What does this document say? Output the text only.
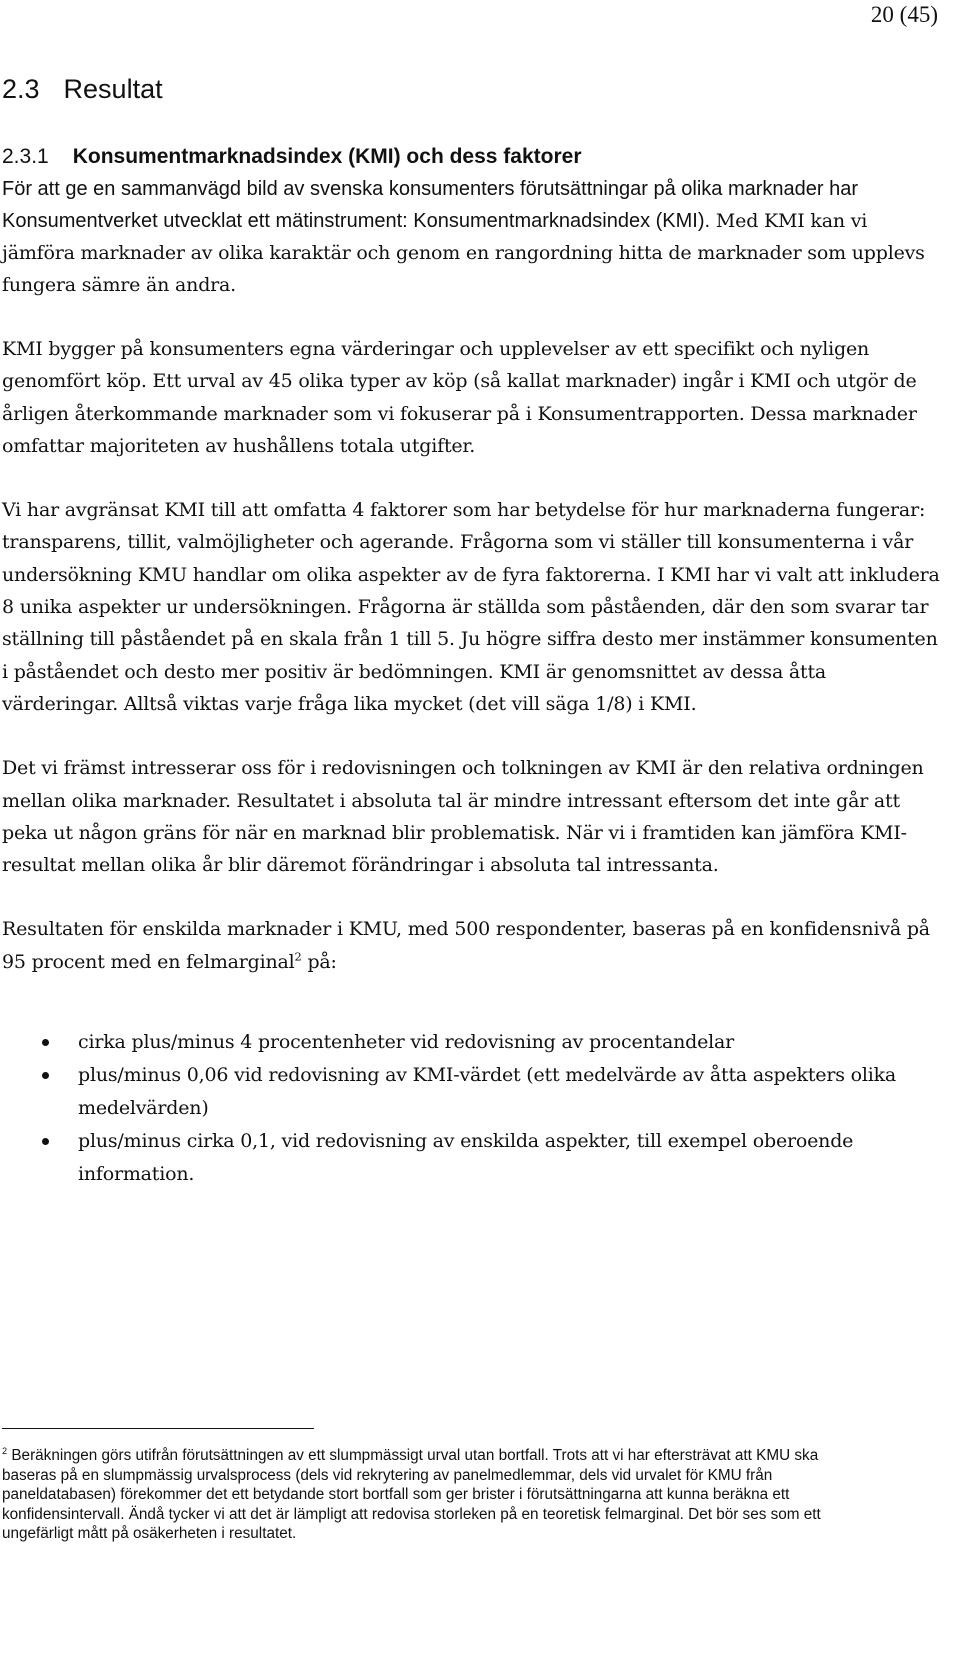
20 (45)
2.3 Resultat
2.3.1 Konsumentmarknadsindex (KMI) och dess faktorer

För att ge en sammanvägd bild av svenska konsumenters förutsättningar på olika marknader har Konsumentverket utvecklat ett mätinstrument: Konsumentmarknadsindex (KMI). Med KMI kan vi jämföra marknader av olika karaktär och genom en rangordning hitta de marknader som upplevs fungera sämre än andra.

KMI bygger på konsumenters egna värderingar och upplevelser av ett specifikt och nyligen genomfört köp. Ett urval av 45 olika typer av köp (så kallat marknader) ingår i KMI och utgör de årligen återkommande marknader som vi fokuserar på i Konsumentrapporten. Dessa marknader omfattar majoriteten av hushållens totala utgifter.

Vi har avgränsat KMI till att omfatta 4 faktorer som har betydelse för hur marknaderna fungerar: transparens, tillit, valmöjligheter och agerande. Frågorna som vi ställer till konsumenterna i vår undersökning KMU handlar om olika aspekter av de fyra faktorerna. I KMI har vi valt att inkludera 8 unika aspekter ur undersökningen. Frågorna är ställda som påståenden, där den som svarar tar ställning till påståendet på en skala från 1 till 5. Ju högre siffra desto mer instämmer konsumenten i påståendet och desto mer positiv är bedömningen. KMI är genomsnittet av dessa åtta värderingar. Alltså viktas varje fråga lika mycket (det vill säga 1/8) i KMI.

Det vi främst intresserar oss för i redovisningen och tolkningen av KMI är den relativa ordningen mellan olika marknader. Resultatet i absoluta tal är mindre intressant eftersom det inte går att peka ut någon gräns för när en marknad blir problematisk. När vi i framtiden kan jämföra KMI-resultat mellan olika år blir däremot förändringar i absoluta tal intressanta.

Resultaten för enskilda marknader i KMU, med 500 respondenter, baseras på en konfidensnivå på 95 procent med en felmarginal$^2$ på:

cirka plus/minus 4 procentenheter vid redovisning av procentandelar
plus/minus 0,06 vid redovisning av KMI-värdet (ett medelvärde av åtta aspekters olika medelvärden)
plus/minus cirka 0,1, vid redovisning av enskilda aspekter, till exempel oberoende information.

$^2$ Beräkningen görs utifrån förutsättningen av ett slumpmässigt urval utan bortfall. Trots att vi har eftersträvat att KMU ska baseras på en slumpmässig urvalsprocess (dels vid rekrytering av panelmedlemmar, dels vid urvalet för KMU från paneldatabasen) förekommer det ett betydande stort bortfall som ger brister i förutsättningarna att kunna beräkna ett konfidensintervall. Ändå tycker vi att det är lämpligt att redovisa storleken på en teoretisk felmarginal. Det bör ses som ett ungefärligt mått på osäkerheten i resultatet.
